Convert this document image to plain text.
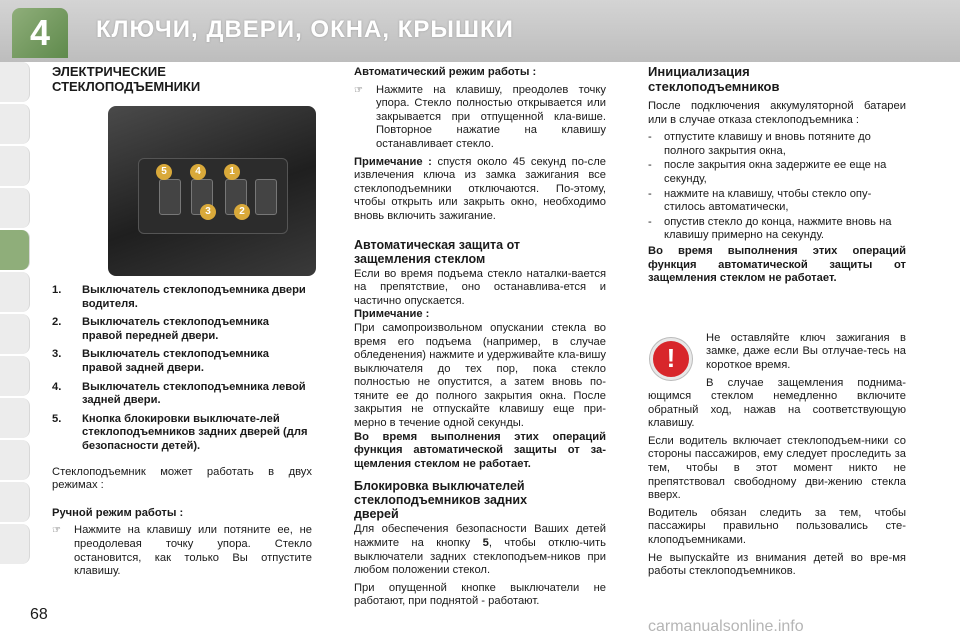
4	КЛЮЧИ, ДВЕРИ, ОКНА, КРЫШКИ
ЭЛЕКТРИЧЕСКИЕ СТЕКЛОПОДЪЕМНИКИ
5	4	1
3	2
1.	Выключатель стеклоподъемника двери водителя.
2.	Выключатель стеклоподъемника правой передней двери.
3.	Выключатель стеклоподъемника правой задней двери.
4.	Выключатель стеклоподъемника левой задней двери.
5.	Кнопка блокировки выключате-лей стеклоподъемников задних дверей (для безопасности детей).

Стеклоподъемник может работать в двух режимах :

Ручной режим работы :

☞	Нажмите на клавишу или потяните ее, не преодолевая точку упора. Стекло остановится, как только Вы отпустите клавишу.

Автоматический режим работы :

☞	Нажмите на клавишу, преодолев точку упора. Стекло полностью открывается или закрывается при отпущенной кла-више. Повторное нажатие на клавишу останавливает стекло.

Примечание : спустя около 45 секунд по-сле извлечения ключа из замка зажигания все стеклоподъемники отключаются. По-этому, чтобы открыть или закрыть окно, необходимо вновь включить зажигание.

Автоматическая защита от защемления стеклом

Если во время подъема стекло наталки-вается на препятствие, оно останавлива-ется и частично опускается.

Примечание :

При самопроизвольном опускании стекла во время его подъема (например, в случае обледенения) нажмите и удерживайте кла-вишу выключателя до тех пор, пока стекло полностью не опустится, а затем вновь по-тяните ее до полного закрытия окна. После закрытия не отпускайте клавишу еще при-мерно в течение одной секунды.

Во время выполнения этих операций функция автоматической защиты от за-щемления стеклом не работает.

Блокировка выключателей стеклоподъемников задних дверей

Для обеспечения безопасности Ваших детей нажмите на кнопку 5, чтобы отклю-чить выключатели задних стеклоподъем-ников при любом положении стекол.

При опущенной кнопке выключатели не работают, при поднятой - работают.

Инициализация стеклоподъемников

После подключения аккумуляторной батареи или в случае отказа стеклоподъемника :

-	отпустите клавишу и вновь потяните до полного закрытия окна,
-	после закрытия окна задержите ее еще на секунду,
-	нажмите на клавишу, чтобы стекло опу-стилось автоматически,
-	опустив стекло до конца, нажмите вновь на клавишу примерно на секунду.

Во время выполнения этих операций функция автоматической защиты от защемления стеклом не работает.

!

Не оставляйте ключ зажигания в замке, даже если Вы отлучае-тесь на короткое время.

В случае защемления поднима-ющимся стеклом немедленно включите обратный ход, нажав на соответствующую клавишу.

Если водитель включает стеклоподъем-ники со стороны пассажиров, ему следует проследить за тем, чтобы в этот момент никто не препятствовал свободному дви-жению стекла вверх.

Водитель обязан следить за тем, чтобы пассажиры правильно пользовались сте-клоподъемниками.

Не выпускайте из внимания детей во вре-мя работы стеклоподъемников.

68
carmanualsonline.info
